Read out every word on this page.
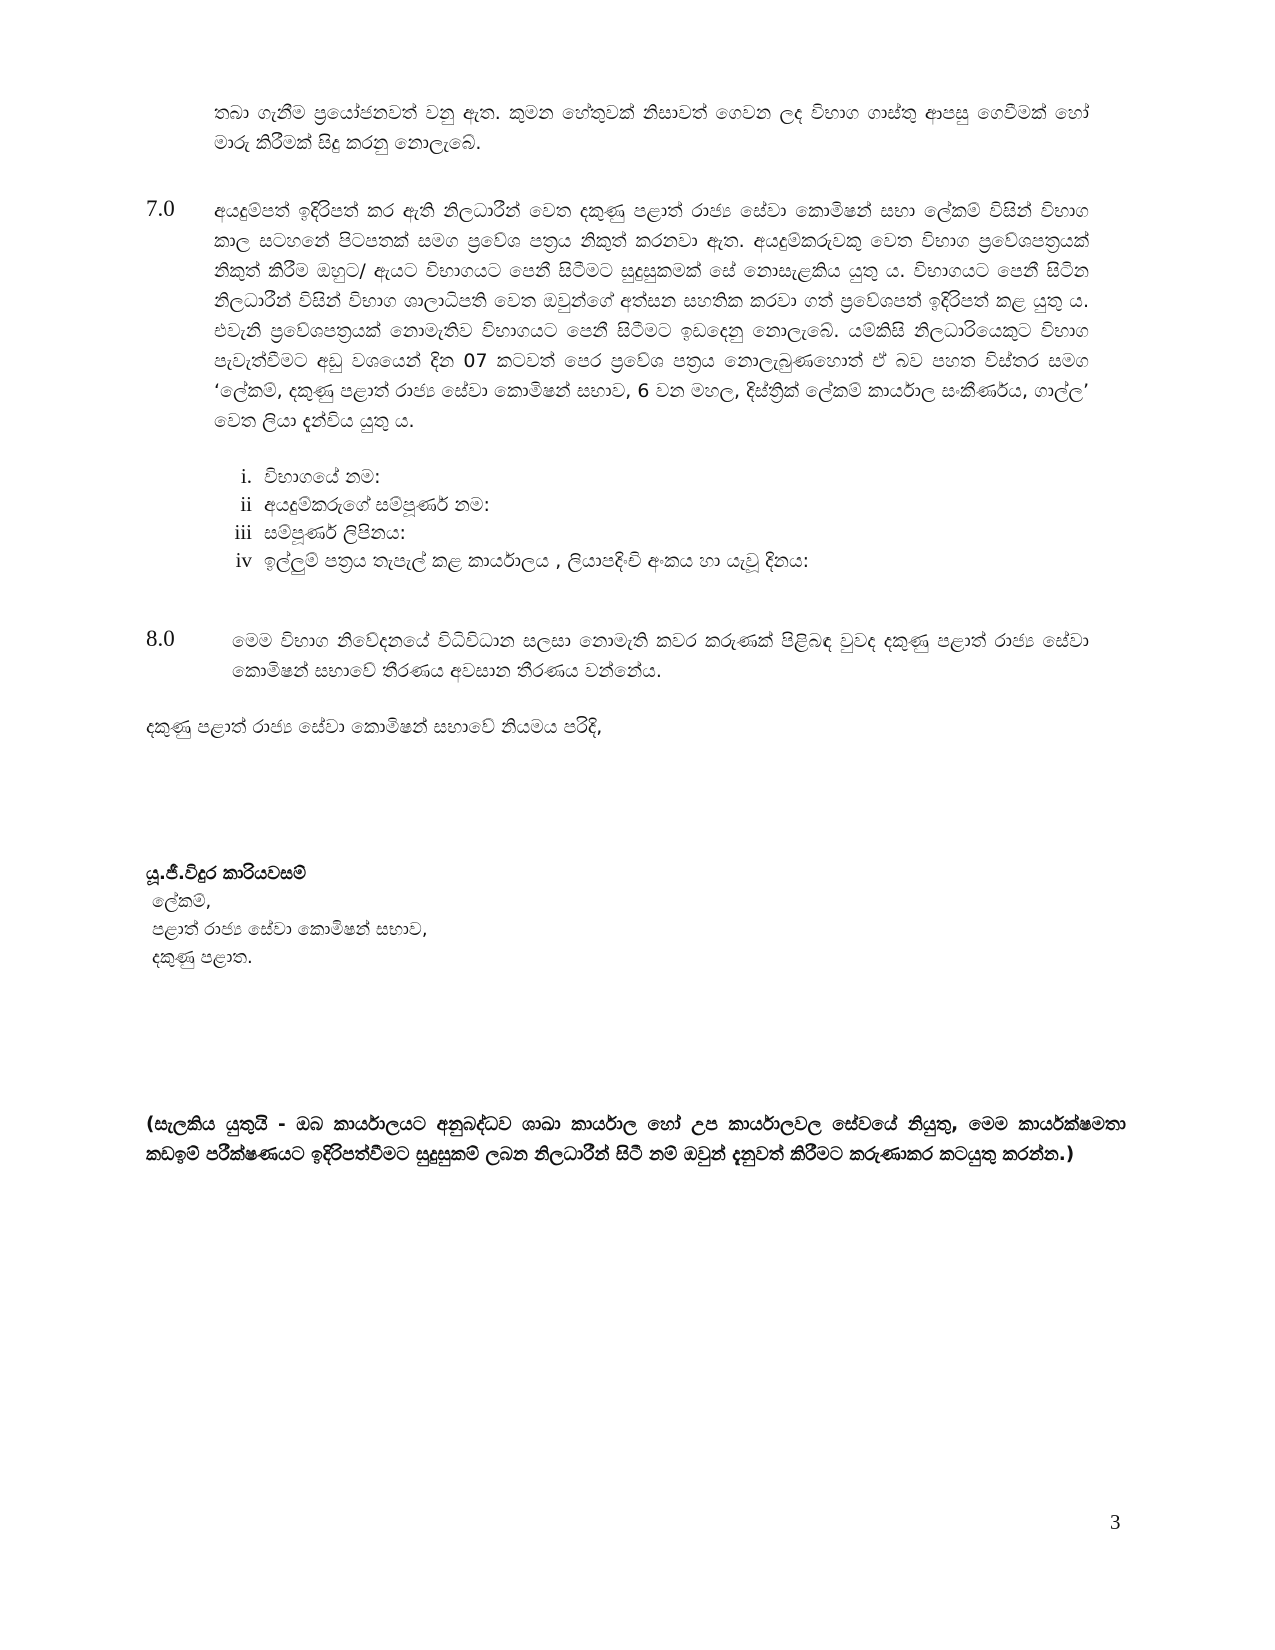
තබා ගැනීම ප්‍රයෝජනවත් වනු ඇත. කුමන හේතුවක් නිසාවත් ගෙවන ලද විභාග ගාස්තු ආපසු ගෙවීමක් හෝ මාරු කිරීමක් සිදු කරනු නොලැබේ.
7.0 අයදුම්පත් ඉදිරිපත් කර ඇති නිලධාරීන් වෙත දකුණු පළාත් රාජ්‍ය සේවා කොමිෂන් සභා ලේකම් විසින් විභාග කාල සටහනේ පිටපතක් සමග ප්‍රවේශ පත්‍රය නිකුත් කරනවා ඇත. අයදුම්කරුවකු වෙත විභාග ප්‍රවේශපත්‍රයක් නිකුත් කිරීම ඔහුට/ ඇයට විභාගයට පෙනී සිටීමට සුදුසුකමක් සේ නොසැළකිය යුතු ය. විභාගයට පෙනී සිටින නිලධාරීන් විසින් විභාග ශාලාධිපති වෙත ඔවුන්ගේ අත්සන සහතික කරවා ගත් ප්‍රවේශපත් ඉදිරිපත් කළ යුතු ය. එවැනි ප්‍රවේශපත්‍රයක් නොමැතිව විභාගයට පෙනී සිටීමට ඉඩදෙනු නොලැබේ. යම්කිසි නිලධාරියෙකුට විභාග පැවැත්වීමට අඩු වශයෙන් දින 07 කටවත් පෙර ප්‍රවේශ පත්‍රය නොලැබුණහොත් ඒ බව පහත විස්තර සමග ‘ලේකම්, දකුණු පළාත් රාජ්‍ය සේවා කොමිෂන් සභාව, 6 වන මහල, දිස්ත්‍රික් ලේකම් කාර්යාල සංකීර්ණය, ගාල්ල’ වෙත ලියා දැන්විය යුතු ය.
i. විභාගයේ නම:
ii අයදුම්කරුගේ සම්පූර්ණ නම:
iii සම්පූර්ණ ලිපිනය:
iv ඉල්ලුම් පත්‍රය තැපැල් කළ කාර්යාලය , ලියාපදිංචි අංකය හා යැවූ දිනය:
8.0	මෙම විභාග නිවේදනයේ විධිවිධාන සලසා නොමැති කවර කරුණක් පිළිබඳ වුවද දකුණු පළාත් රාජ්‍ය සේවා කොමිෂන් සභාවේ තීරණය අවසාන තීරණය වන්නේය.
දකුණු පළාත් රාජ්‍ය සේවා කොමිෂන් සභාවේ නියමය පරිදි,
යූ.ජී.විදුර කාරියවසම්
ලේකම්,
පළාත් රාජ්‍ය සේවා කොමිෂන් සභාව,
දකුණු පළාත.
(සැලකිය යුතුයි - ඔබ කාර්යාලයට අනුබද්ධව ශාඛා කාර්යාල හෝ උප කාර්යාලවල සේවයේ නියුතු, මෙම කාර්යක්ෂමතා කඩඉම් පරීක්ෂණයට ඉදිරිපත්වීමට සුදුසුකම් ලබන නිලධාරීන් සිටී නම් ඔවුන් දැනුවත් කිරීමට කරුණාකර කටයුතු කරන්න.)
3
